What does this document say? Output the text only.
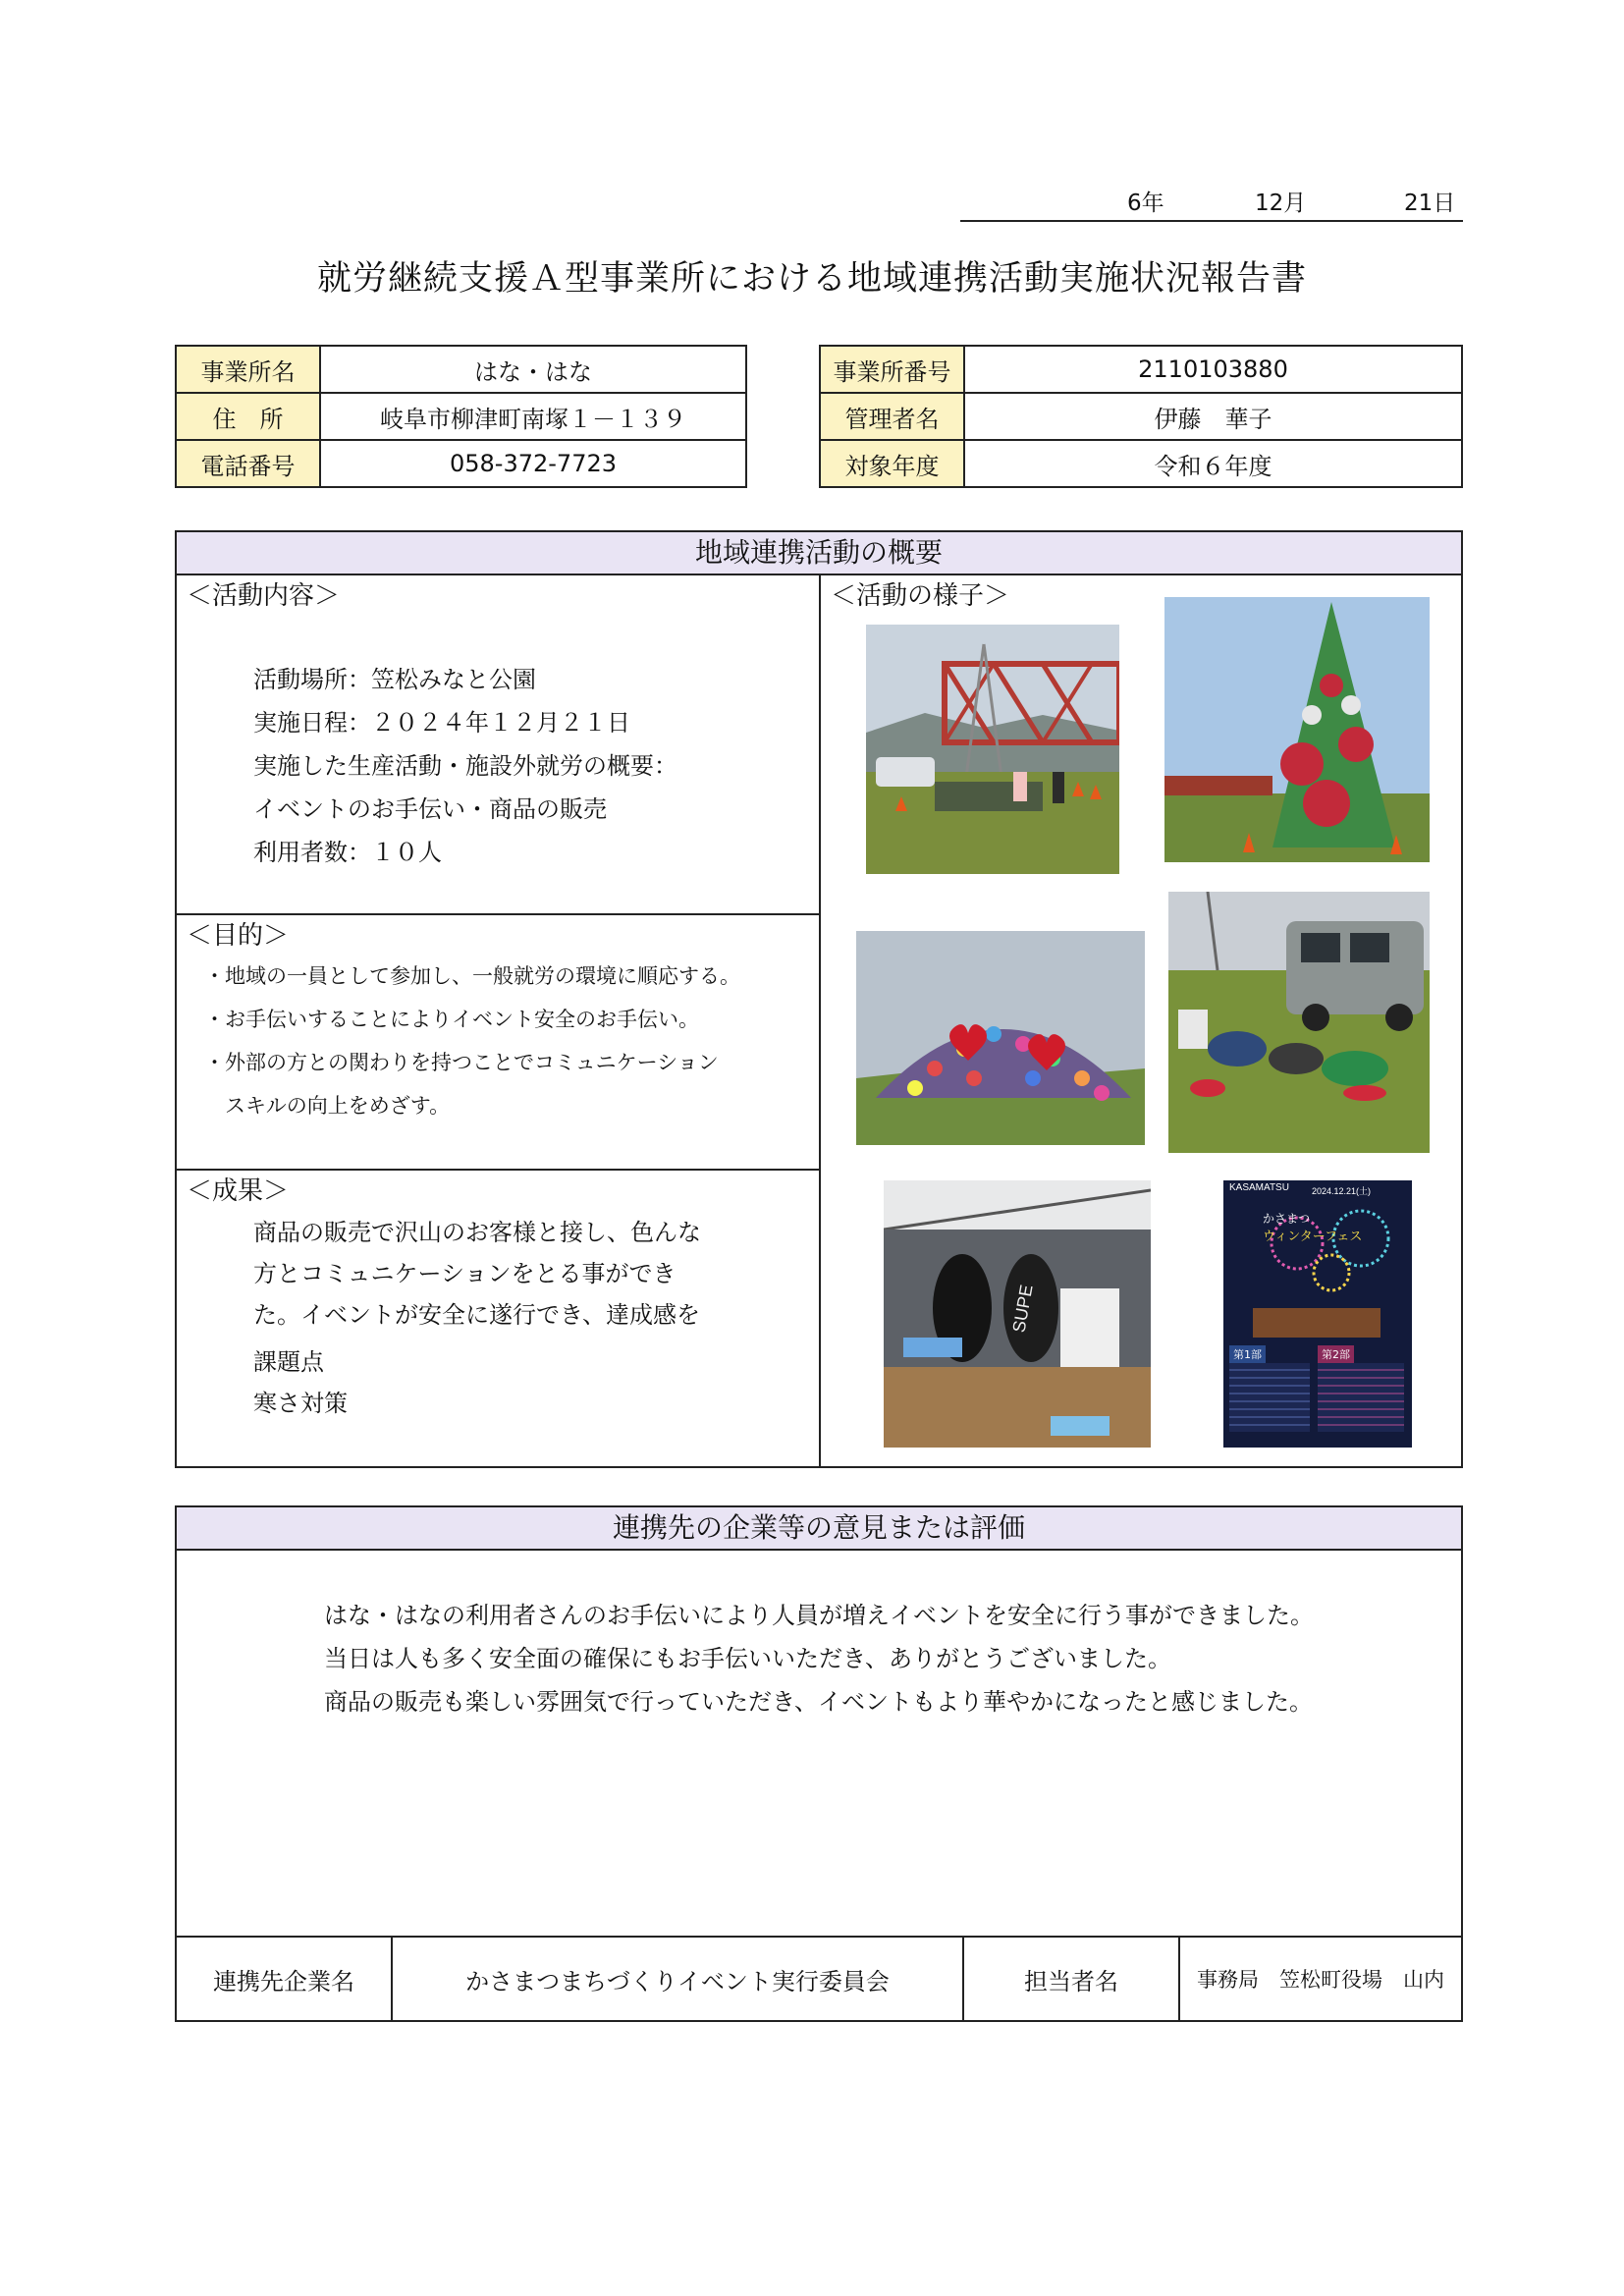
6年	12月	21日
就労継続支援Ａ型事業所における地域連携活動実施状況報告書
事業所名	はな・はな
住　所	岐阜市柳津町南塚１－１３９
電話番号	058-372-7723
事業所番号	2110103880
管理者名	伊藤　華子
対象年度	令和６年度
地域連携活動の概要
＜活動内容＞
活動場所：笠松みなと公園
実施日程：２０２４年１２月２１日
実施した生産活動・施設外就労の概要：
イベントのお手伝い・商品の販売
利用者数：１０人
＜目的＞
・地域の一員として参加し、一般就労の環境に順応する。
・お手伝いすることによりイベント安全のお手伝い。
・外部の方との関わりを持つことでコミュニケーション
　スキルの向上をめざす。
＜成果＞
商品の販売で沢山のお客様と接し、色んな
方とコミュニケーションをとる事ができ
た。イベントが安全に遂行でき、達成感を
課題点
寒さ対策
＜活動の様子＞
SUPE
KASAMATSU	2024.12.21(土)
かさまつ
ウィンターフェス
第1部	第2部
連携先の企業等の意見または評価
はな・はなの利用者さんのお手伝いにより人員が増えイベントを安全に行う事ができました。
当日は人も多く安全面の確保にもお手伝いいただき、ありがとうございました。
商品の販売も楽しい雰囲気で行っていただき、イベントもより華やかになったと感じました。
連携先企業名	かさまつまちづくりイベント実行委員会	担当者名	事務局　笠松町役場　山内
